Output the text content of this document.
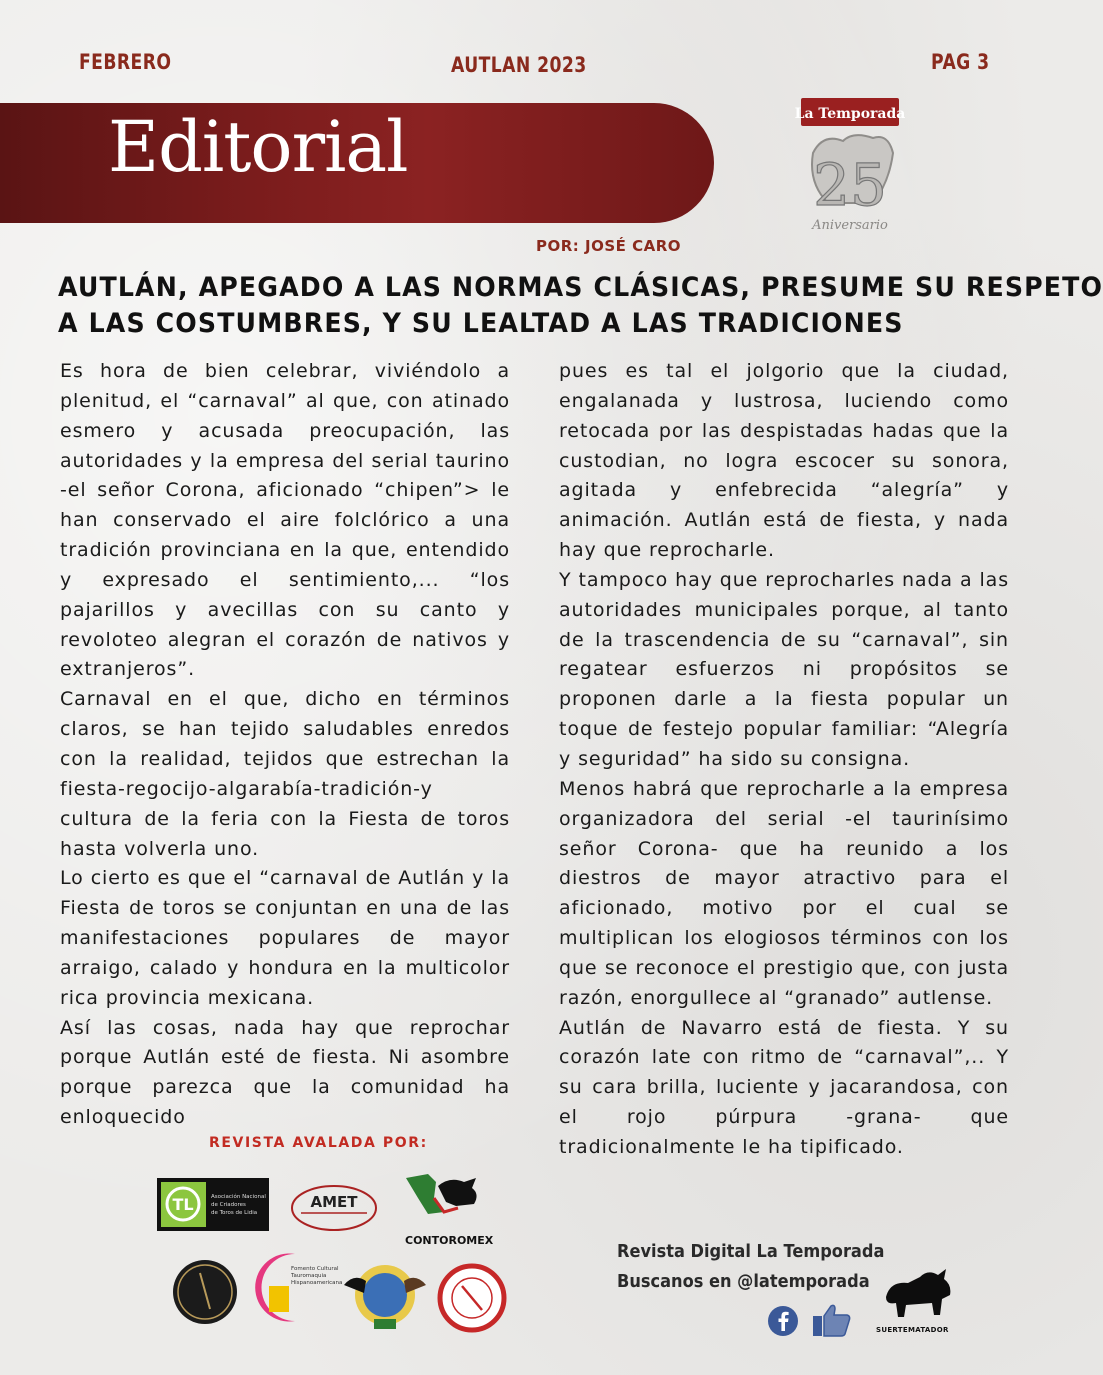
FEBRERO	AUTLAN 2023	PAG 3
Editorial	La Temporada
25
Aniversario
POR: JOSÉ CARO
AUTLÁN, APEGADO A LAS NORMAS CLÁSICAS, PRESUME SU RESPETO
A LAS COSTUMBRES, Y SU LEALTAD A LAS TRADICIONES

Es hora de bien celebrar, viviéndolo a plenitud, el “carnaval” al que, con atinado esmero y acusada preocupación, las autoridades y la empresa del serial taurino -el señor Corona, aficionado “chipen”> le han conservado el aire folclórico a una tradición provinciana en la que, entendido y expresado el sentimiento,... “los pajarillos y avecillas con su canto y revoloteo alegran el corazón de nativos y extranjeros”.

Carnaval en el que, dicho en términos claros, se han tejido saludables enredos con la realidad, tejidos que estrechan la fiesta-regocijo-algarabía-tradición-y cultura de la feria con la Fiesta de toros hasta volverla uno.

Lo cierto es que el “carnaval de Autlán y la Fiesta de toros se conjuntan en una de las manifestaciones populares de mayor arraigo, calado y hondura en la multicolor rica provincia mexicana.

Así las cosas, nada hay que reprochar porque Autlán esté de fiesta. Ni asombre porque parezca que la comunidad ha enloquecido

pues es tal el jolgorio que la ciudad, engalanada y lustrosa, luciendo como retocada por las despistadas hadas que la custodian, no logra escocer su sonora, agitada y enfebrecida “alegría” y animación. Autlán está de fiesta, y nada hay que reprocharle.

Y tampoco hay que reprocharles nada a las autoridades municipales porque, al tanto de la trascendencia de su “carnaval”, sin regatear esfuerzos ni propósitos se proponen darle a la fiesta popular un toque de festejo popular familiar: “Alegría y seguridad” ha sido su consigna.

Menos habrá que reprocharle a la empresa organizadora del serial -el taurinísimo señor Corona- que ha reunido a los diestros de mayor atractivo para el aficionado, motivo por el cual se multiplican los elogiosos términos con los que se reconoce el prestigio que, con justa razón, enorgullece al “granado” autlense.

Autlán de Navarro está de fiesta. Y su corazón late con ritmo de “carnaval”,.. Y su cara brilla, luciente y jacarandosa, con el rojo púrpura -grana- que tradicionalmente le ha tipificado.

REVISTA AVALADA POR:
TL	Asociación Nacional
de Criadores
de Toros de Lidia
AMET
CONTOROMEX
Fomento Cultural
Tauromaquia
Hispanoamericana
Revista Digital La Temporada
Buscanos en @latemporada
SUERTEMATADOR
